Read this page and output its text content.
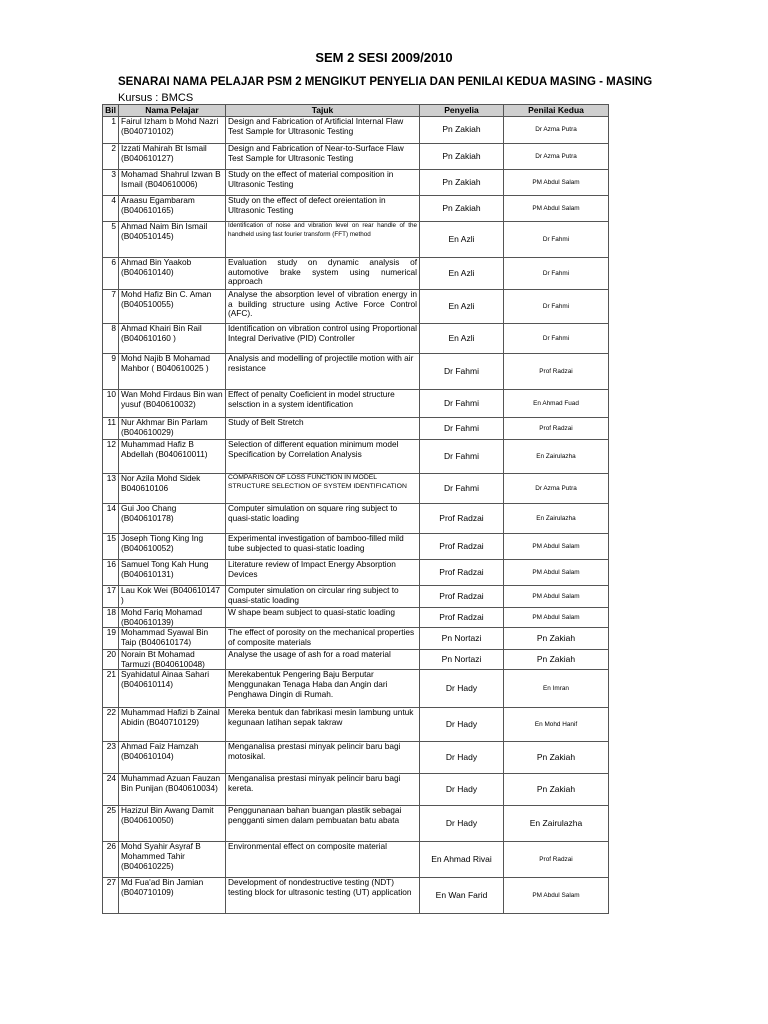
SEM 2 SESI 2009/2010
SENARAI NAMA PELAJAR PSM 2 MENGIKUT PENYELIA DAN PENILAI KEDUA MASING - MASING
Kursus : BMCS
Bil	Nama Pelajar	Tajuk	Penyelia	Penilai Kedua
1	Fairul Izham b Mohd Nazri (B040710102)	Design and Fabrication of Artificial Internal Flaw Test Sample for Ultrasonic Testing	Pn Zakiah	Dr Azma Putra
2	Izzati Mahirah Bt Ismail (B040610127)	Design and Fabrication of Near-to-Surface Flaw Test Sample for Ultrasonic Testing	Pn Zakiah	Dr Azma Putra
3	Mohamad Shahrul Izwan B Ismail (B040610006)	Study on the effect of material composition in Ultrasonic Testing	Pn Zakiah	PM Abdul Salam
4	Araasu Egambaram (B040610165)	Study on the effect of defect oreientation in Ultrasonic Testing	Pn Zakiah	PM Abdul Salam
5	Ahmad Naim Bin Ismail (B040510145)	Identification of noise and vibration level on rear handle of the handheld using fast fourier transform (FFT) method	En Azli	Dr Fahmi
6	Ahmad Bin Yaakob (B040610140)	Evaluation study on dynamic analysis of automotive brake system using numerical approach	En Azli	Dr Fahmi
7	Mohd Hafiz Bin C. Aman (B040510055)	Analyse the absorption level of vibration energy in a building structure using Active Force Control (AFC).	En Azli	Dr Fahmi
8	Ahmad Khairi Bin Rail (B040610160 )	Identification on vibration control using Proportional Integral Derivative (PID) Controller	En Azli	Dr Fahmi
9	Mohd Najib B Mohamad Mahbor ( B040610025 )	Analysis and modelling of projectile motion with air resistance	Dr Fahmi	Prof Radzai
10	Wan Mohd Firdaus Bin wan yusuf (B040610032)	Effect of penalty Coeficient in model structure selsction in a system identification	Dr Fahmi	En Ahmad Fuad
11	Nur Akhmar Bin Parlam (B040610029)	Study of Belt Stretch	Dr Fahmi	Prof Radzai
12	Muhammad Hafiz B Abdellah (B040610011)	Selection of different equation minimum model Specification by Correlation Analysis	Dr Fahmi	En Zairulazha
13	Nor Azila Mohd Sidek B040610106	COMPARISON OF LOSS FUNCTION IN MODEL STRUCTURE SELECTION OF SYSTEM IDENTIFICATION	Dr Fahmi	Dr Azma Putra
14	Gui Joo Chang (B040610178)	Computer simulation on square ring subject to quasi-static loading	Prof Radzai	En Zairulazha
15	Joseph Tiong King Ing (B040610052)	Experimental investigation of bamboo-filled mild tube subjected to quasi-static loading	Prof Radzai	PM Abdul Salam
16	Samuel Tong Kah Hung (B040610131)	Literature review of Impact Energy Absorption Devices	Prof Radzai	PM Abdul Salam
17	Lau Kok Wei (B040610147 )	Computer simulation on circular ring subject to quasi-static loading	Prof Radzai	PM Abdul Salam
18	Mohd Fariq Mohamad (B040610139)	W shape beam subject to quasi-static loading	Prof Radzai	PM Abdul Salam
19	Mohammad Syawal Bin Taip (B040610174)	The effect of porosity on the mechanical properties of composite materials	Pn Nortazi	Pn Zakiah
20	Norain Bt Mohamad Tarmuzi (B040610048)	Analyse the usage of ash for a road material	Pn Nortazi	Pn Zakiah
21	Syahidatul Ainaa Sahari (B040610114)	Merekabentuk Pengering Baju Berputar Menggunakan Tenaga Haba dan Angin dari Penghawa Dingin di Rumah.	Dr Hady	En Imran
22	Muhammad Hafizi b Zainal Abidin (B040710129)	Mereka bentuk dan fabrikasi mesin lambung untuk kegunaan latihan sepak takraw	Dr Hady	En Mohd Hanif
23	Ahmad Faiz Hamzah (B040610104)	Menganalisa prestasi minyak pelincir baru bagi motosikal.	Dr Hady	Pn Zakiah
24	Muhammad Azuan Fauzan Bin Punijan (B040610034)	Menganalisa prestasi minyak pelincir baru bagi kereta.	Dr Hady	Pn Zakiah
25	Hazizul Bin Awang Damit (B040610050)	Penggunanaan bahan buangan plastik sebagai pengganti simen dalam pembuatan batu abata	Dr Hady	En Zairulazha
26	Mohd Syahir Asyraf B Mohammed Tahir (B040610225)	Environmental effect on composite material	En Ahmad Rivai	Prof Radzai
27	Md Fua'ad Bin Jamian (B040710109)	Development of nondestructive testing (NDT) testing block for ultrasonic testing (UT) application	En Wan Farid	PM Abdul Salam
